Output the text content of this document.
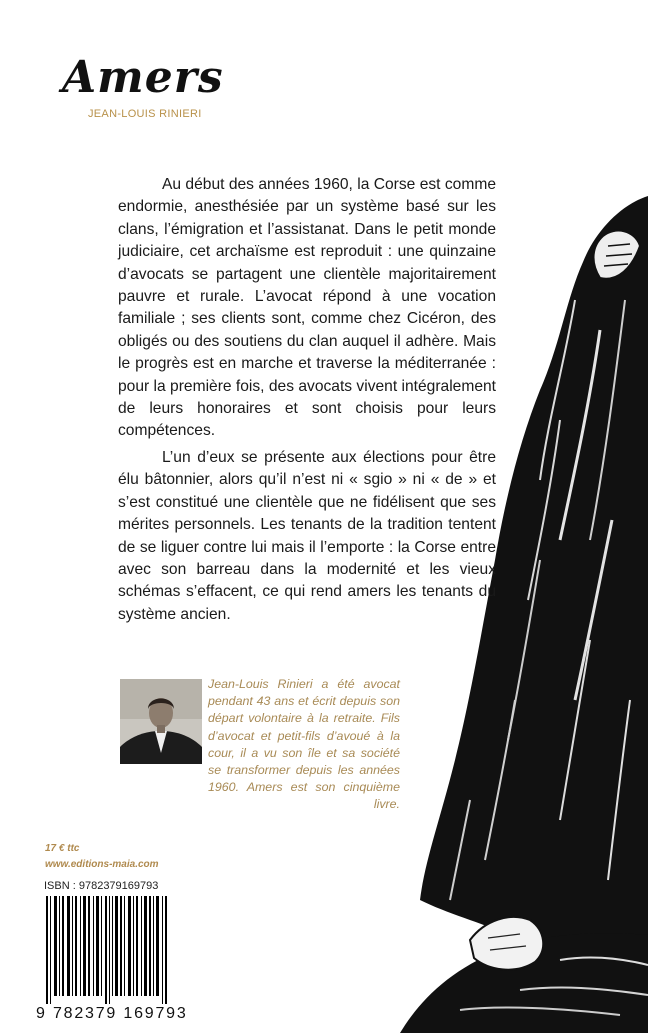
Amers
JEAN-LOUIS RINIERI

Au début des années 1960, la Corse est comme endormie, anesthésiée par un système basé sur les clans, l’émigration et l’assistanat. Dans le petit monde judiciaire, cet archaïsme est reproduit : une quinzaine d’avocats se partagent une clientèle majoritairement pauvre et rurale. L’avocat répond à une vocation familiale ; ses clients sont, comme chez Cicéron, des obligés ou des soutiens du clan auquel il adhère. Mais le progrès est en marche et traverse la méditerranée : pour la première fois, des avocats vivent intégralement de leurs honoraires et sont choisis pour leurs compétences.

L’un d’eux se présente aux élections pour être élu bâtonnier, alors qu’il n’est ni « sgio » ni « de » et s’est constitué une clientèle que ne fidélisent que ses mérites personnels. Les tenants de la tradition tentent de se liguer contre lui mais il l’emporte : la Corse entre avec son barreau dans la modernité et les vieux schémas s’effacent, ce qui rend amers les tenants du système ancien.

Jean-Louis Rinieri a été avocat pendant 43 ans et écrit depuis son départ volontaire à la retraite. Fils d’avocat et petit-fils d’avoué à la cour, il a vu son île et sa société se transformer depuis les années 1960. Amers est son cinquième livre.
17 € ttc
www.editions-maia.com
ISBN : 9782379169793
9 782379 169793
